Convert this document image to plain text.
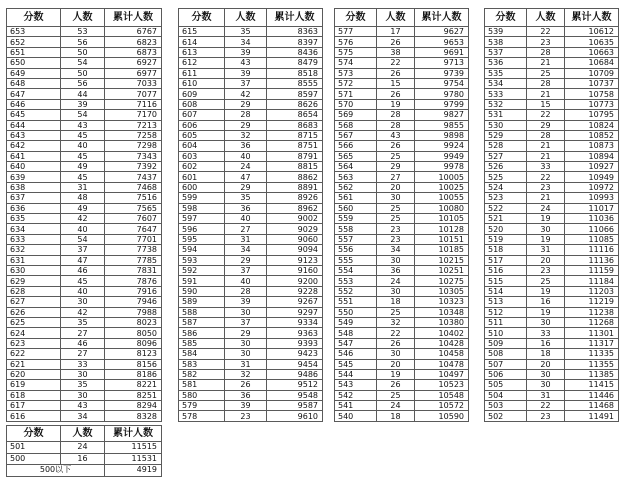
分数	人数	累计人数
653	53	6767
652	56	6823
651	50	6873
650	54	6927
649	50	6977
648	56	7033
647	44	7077
646	39	7116
645	54	7170
644	43	7213
643	45	7258
642	40	7298
641	45	7343
640	49	7392
639	45	7437
638	31	7468
637	48	7516
636	49	7565
635	42	7607
634	40	7647
633	54	7701
632	37	7738
631	47	7785
630	46	7831
629	45	7876
628	40	7916
627	30	7946
626	42	7988
625	35	8023
624	27	8050
623	46	8096
622	27	8123
621	33	8156
620	30	8186
619	35	8221
618	30	8251
617	43	8294
616	34	8328
分数	人数	累计人数
615	35	8363
614	34	8397
613	39	8436
612	43	8479
611	39	8518
610	37	8555
609	42	8597
608	29	8626
607	28	8654
606	29	8683
605	32	8715
604	36	8751
603	40	8791
602	24	8815
601	47	8862
600	29	8891
599	35	8926
598	36	8962
597	40	9002
596	27	9029
595	31	9060
594	34	9094
593	29	9123
592	37	9160
591	40	9200
590	28	9228
589	39	9267
588	30	9297
587	37	9334
586	29	9363
585	30	9393
584	30	9423
583	31	9454
582	32	9486
581	26	9512
580	36	9548
579	39	9587
578	23	9610
分数	人数	累计人数
577	17	9627
576	26	9653
575	38	9691
574	22	9713
573	26	9739
572	15	9754
571	26	9780
570	19	9799
569	28	9827
568	28	9855
567	43	9898
566	26	9924
565	25	9949
564	29	9978
563	27	10005
562	20	10025
561	30	10055
560	25	10080
559	25	10105
558	23	10128
557	23	10151
556	34	10185
555	30	10215
554	36	10251
553	24	10275
552	30	10305
551	18	10323
550	25	10348
549	32	10380
548	22	10402
547	26	10428
546	30	10458
545	20	10478
544	19	10497
543	26	10523
542	25	10548
541	24	10572
540	18	10590
分数	人数	累计人数
539	22	10612
538	23	10635
537	28	10663
536	21	10684
535	25	10709
534	28	10737
533	21	10758
532	15	10773
531	22	10795
530	29	10824
529	28	10852
528	21	10873
527	21	10894
526	33	10927
525	22	10949
524	23	10972
523	21	10993
522	24	11017
521	19	11036
520	30	11066
519	19	11085
518	31	11116
517	20	11136
516	23	11159
515	25	11184
514	19	11203
513	16	11219
512	19	11238
511	30	11268
510	33	11301
509	16	11317
508	18	11335
507	20	11355
506	30	11385
505	30	11415
504	31	11446
503	22	11468
502	23	11491
分数	人数	累计人数
501	24	11515
500	16	11531
500以下		4919
